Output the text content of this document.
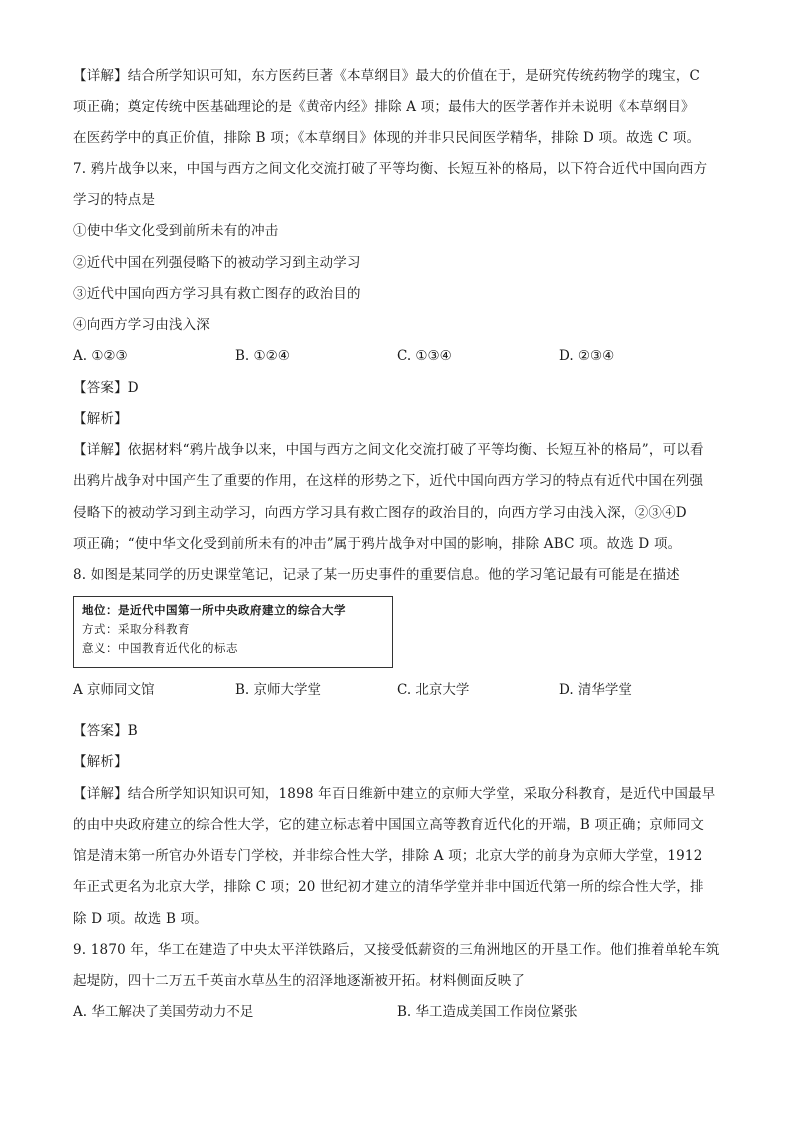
【详解】结合所学知识可知，东方医药巨著《本草纲目》最大的价值在于，是研究传统药物学的瑰宝，C
项正确；奠定传统中医基础理论的是《黄帝内经》排除 A 项；最伟大的医学著作并未说明《本草纲目》
在医药学中的真正价值，排除 B 项；《本草纲目》体现的并非只民间医学精华，排除 D 项。故选 C 项。
7. 鸦片战争以来，中国与西方之间文化交流打破了平等均衡、长短互补的格局，以下符合近代中国向西方
学习的特点是
①使中华文化受到前所未有的冲击
②近代中国在列强侵略下的被动学习到主动学习
③近代中国向西方学习具有救亡图存的政治目的
④向西方学习由浅入深
A. ①②③	B. ①②④	C. ①③④	D. ②③④
【答案】D
【解析】
【详解】依据材料“鸦片战争以来，中国与西方之间文化交流打破了平等均衡、长短互补的格局”，可以看
出鸦片战争对中国产生了重要的作用，在这样的形势之下，近代中国向西方学习的特点有近代中国在列强
侵略下的被动学习到主动学习，向西方学习具有救亡图存的政治目的，向西方学习由浅入深，②③④D
项正确；“使中华文化受到前所未有的冲击”属于鸦片战争对中国的影响，排除 ABC 项。故选 D 项。
8. 如图是某同学的历史课堂笔记，记录了某一历史事件的重要信息。他的学习笔记最有可能是在描述
地位：是近代中国第一所中央政府建立的综合大学
方式：采取分科教育
意义：中国教育近代化的标志
A 京师同文馆	B. 京师大学堂	C. 北京大学	D. 清华学堂
【答案】B
【解析】
【详解】结合所学知识知识可知，1898 年百日维新中建立的京师大学堂，采取分科教育，是近代中国最早
的由中央政府建立的综合性大学，它的建立标志着中国国立高等教育近代化的开端，B 项正确；京师同文
馆是清末第一所官办外语专门学校，并非综合性大学，排除 A 项；北京大学的前身为京师大学堂，1912
年正式更名为北京大学，排除 C 项；20 世纪初才建立的清华学堂并非中国近代第一所的综合性大学，排
除 D 项。故选 B 项。
9. 1870 年，华工在建造了中央太平洋铁路后，又接受低薪资的三角洲地区的开垦工作。他们推着单轮车筑
起堤防，四十二万五千英亩水草丛生的沼泽地逐渐被开拓。材料侧面反映了
A. 华工解决了美国劳动力不足	B. 华工造成美国工作岗位紧张
